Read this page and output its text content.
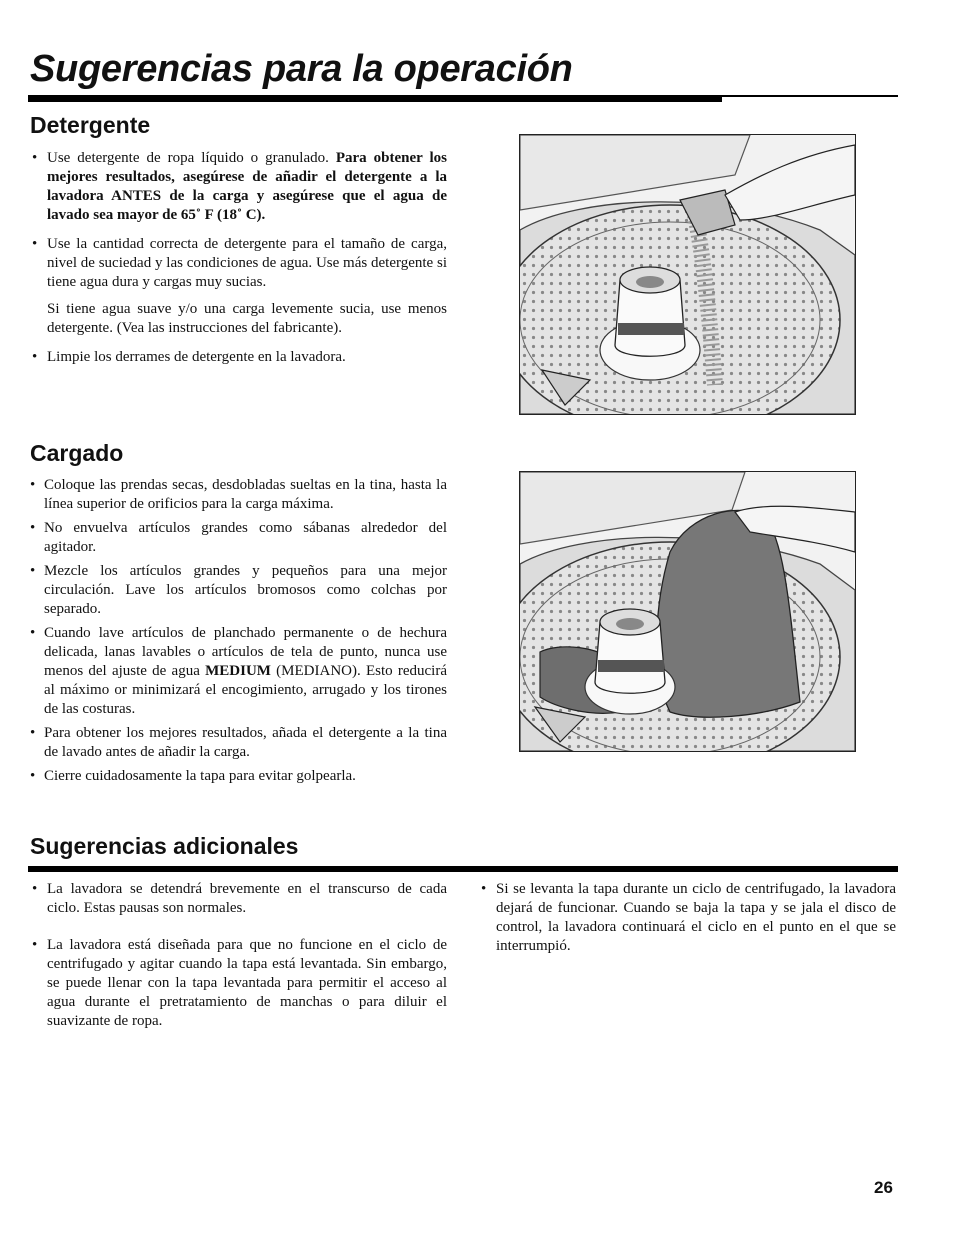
Sugerencias para la operación
Detergente
• Use detergente de ropa líquido o granulado. Para obtener los mejores resultados, asegúrese de añadir el detergente a la lavadora ANTES de la carga y asegúrese que el agua de lavado sea mayor de 65˚ F (18˚ C).
• Use la cantidad correcta de detergente para el tamaño de carga, nivel de suciedad y las condiciones de agua. Use más detergente si tiene agua dura y cargas muy sucias.

Si tiene agua suave y/o una carga levemente sucia, use menos detergente. (Vea las instrucciones del fabricante).

• Limpie los derrames de detergente en la lavadora.
Cargado
• Coloque las prendas secas, desdobladas sueltas en la tina, hasta la línea superior de orificios para la carga máxima.
• No envuelva artículos grandes como sábanas alrededor del agitador.
• Mezcle los artículos grandes y pequeños para una mejor circulación. Lave los artículos bromosos como colchas por separado.
• Cuando lave artículos de planchado permanente o de hechura delicada, lanas lavables o artículos de tela de punto, nunca use menos del ajuste de agua MEDIUM (MEDIANO). Esto reducirá al máximo or minimizará el encogimiento, arrugado y los tirones de las costuras.
• Para obtener los mejores resultados, añada el detergente a la tina de lavado antes de añadir la carga.
• Cierre cuidadosamente la tapa para evitar golpearla.
Sugerencias adicionales
• La lavadora se detendrá brevemente en el transcurso de cada ciclo. Estas pausas son normales.
• La lavadora está diseñada para que no funcione en el ciclo de centrifugado y agitar cuando la tapa está levantada. Sin embargo, se puede llenar con la tapa levantada para permitir el acceso al agua durante el pretratamiento de manchas o para diluir el suavizante de ropa.
• Si se levanta la tapa durante un ciclo de centrifugado, la lavadora dejará de funcionar. Cuando se baja la tapa y se jala el disco de control, la lavadora continuará el ciclo en el punto en el que se interrumpió.
26
